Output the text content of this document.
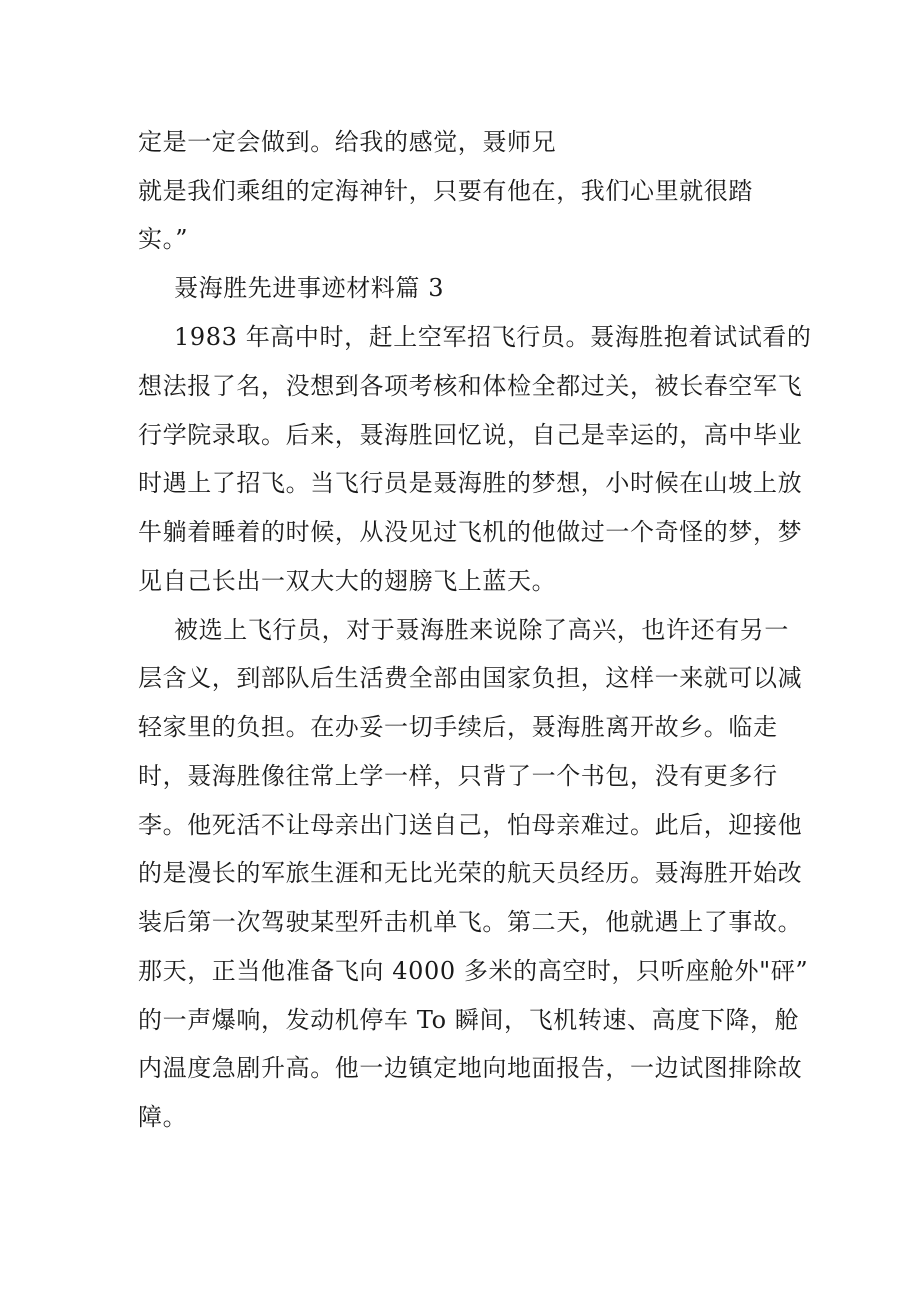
定是一定会做到。给我的感觉，聂师兄

就是我们乘组的定海神针，只要有他在，我们心里就很踏

实。”

聂海胜先进事迹材料篇 3

1983 年高中时，赶上空军招飞行员。聂海胜抱着试试看的

想法报了名，没想到各项考核和体检全都过关，被长春空军飞

行学院录取。后来，聂海胜回忆说，自己是幸运的，高中毕业

时遇上了招飞。当飞行员是聂海胜的梦想，小时候在山坡上放

牛躺着睡着的时候，从没见过飞机的他做过一个奇怪的梦，梦

见自己长出一双大大的翅膀飞上蓝天。

被选上飞行员，对于聂海胜来说除了高兴，也许还有另一

层含义，到部队后生活费全部由国家负担，这样一来就可以减

轻家里的负担。在办妥一切手续后，聂海胜离开故乡。临走

时，聂海胜像往常上学一样，只背了一个书包，没有更多行

李。他死活不让母亲出门送自己，怕母亲难过。此后，迎接他

的是漫长的军旅生涯和无比光荣的航天员经历。聂海胜开始改

装后第一次驾驶某型歼击机单飞。第二天，他就遇上了事故。

那天，正当他准备飞向 4000 多米的高空时，只听座舱外"砰”

的一声爆响，发动机停车 To 瞬间，飞机转速、高度下降，舱

内温度急剧升高。他一边镇定地向地面报告，一边试图排除故

障。
